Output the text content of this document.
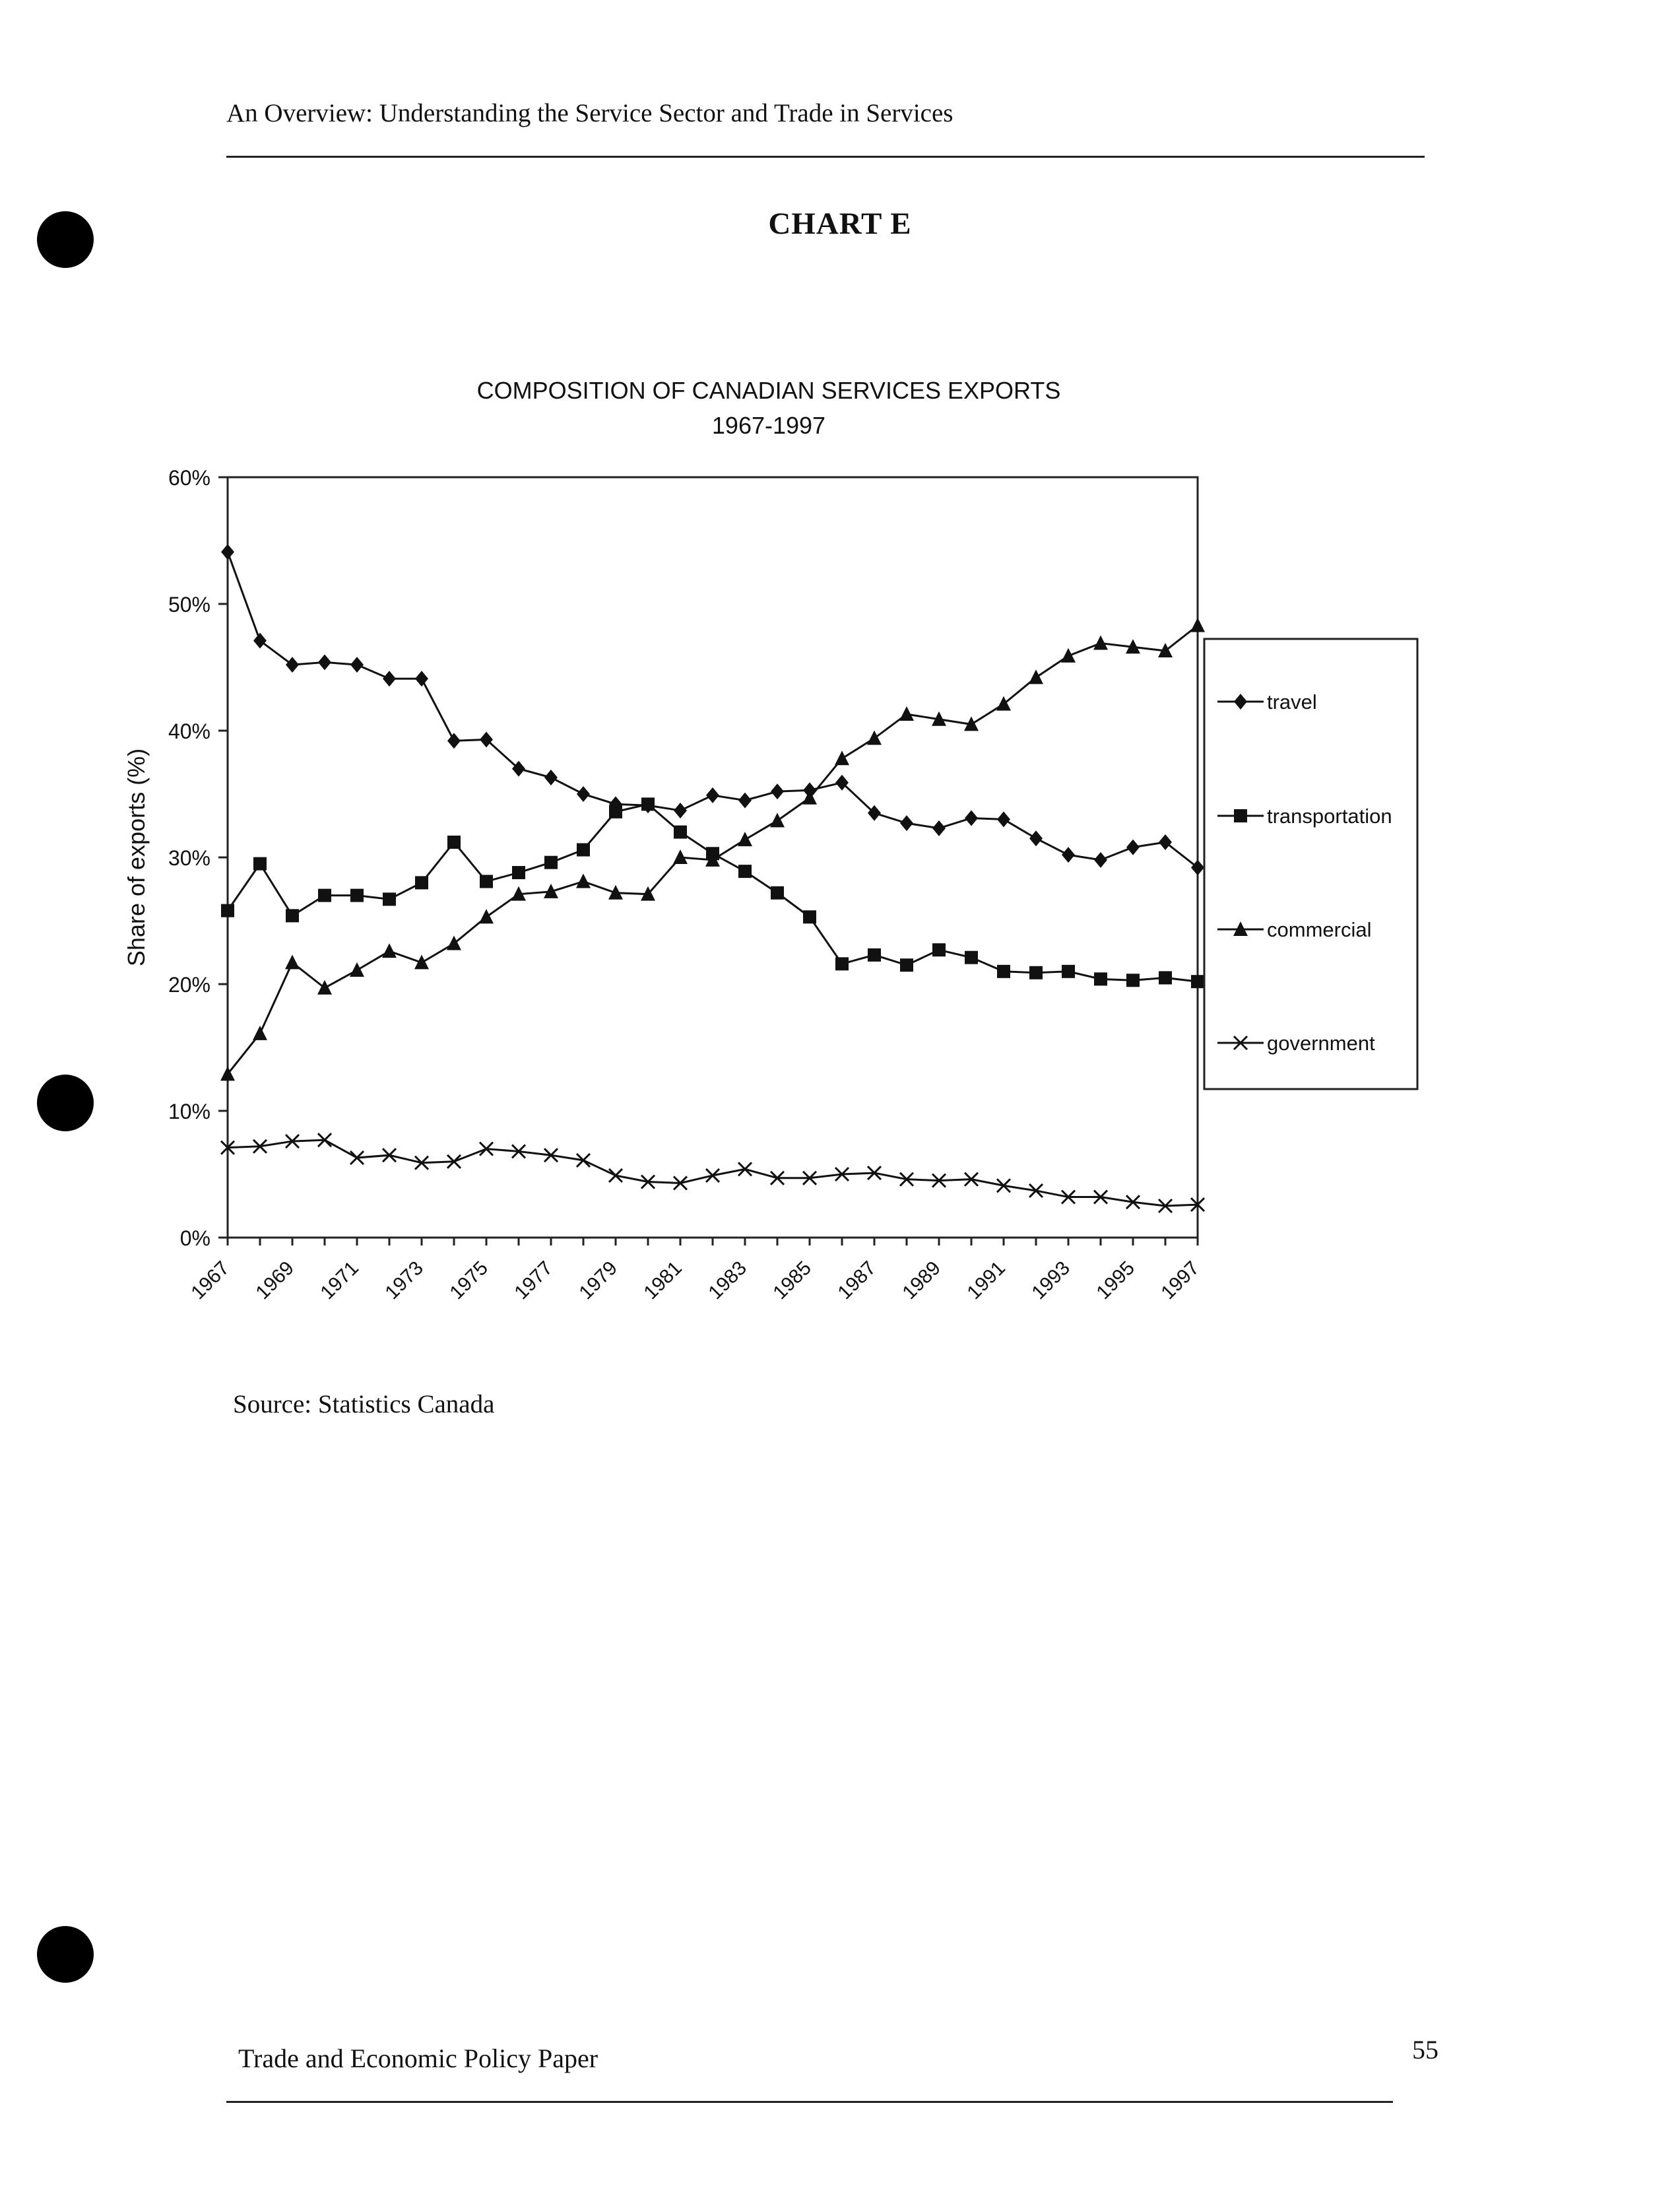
An Overview: Understanding the Service Sector and Trade in Services
CHART E
COMPOSITION OF CANADIAN SERVICES EXPORTS
1967-1997
0%
10%
20%
30%
40%
50%
60%
1967 1969 1971 1973 1975 1977 1979 1981 1983 1985 1987 1989 1991 1993 1995 1997
Share of exports (%)
travel
transportation
commercial
government
Source: Statistics Canada
Trade and Economic Policy Paper	55
